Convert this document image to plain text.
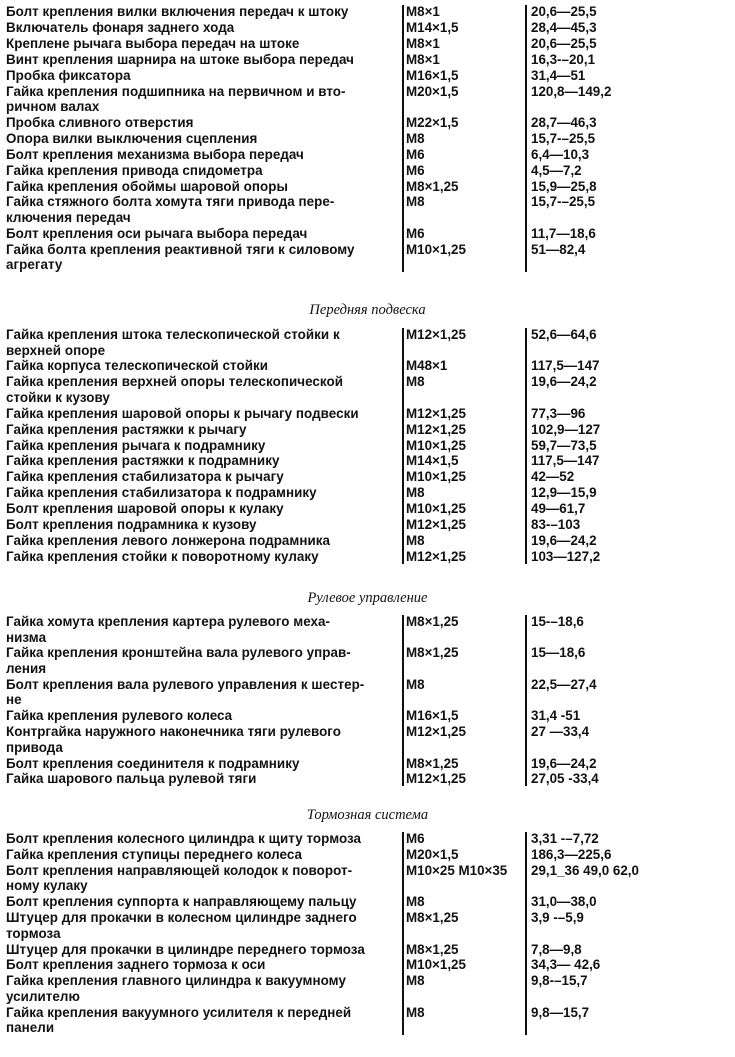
Болт крепления вилки включения передач к штоку	М8×1	20,6—25,5
Включатель фонаря заднего хода	М14×1,5	28,4—45,3
Креплене рычага выбора передач на штоке	М8×1	20,6—25,5
Винт крепления шарнира на штоке выбора передач	М8×1	16,3-–20,1
Пробка фиксатора	М16×1,5	31,4—51
Гайка крепления подшипника на первичном и вто-
ричном валах
М20×1,5	120,8—149,2
Пробка сливного отверстия	М22×1,5	28,7—46,3
Опора вилки выключения сцепления	М8	15,7-–25,5
Болт крепления механизма выбора передач	М6	6,4—10,3
Гайка крепления привода спидометра	М6	4,5—7,2
Гайка крепления обоймы шаровой опоры	М8×1,25	15,9—25,8
Гайка стяжного болта хомута тяги привода пере-
ключения передач
М8	15,7-–25,5
Болт крепления оси рычага выбора передач	М6	11,7—18,6
Гайка болта крепления реактивной тяги к силовому
агрегату
М10×1,25	51—82,4
Передняя подвеска
Гайка крепления штока телескопической стойки к
верхней опоре
М12×1,25	52,6—64,6
Гайка корпуса телескопической стойки	М48×1	117,5—147
Гайка крепления верхней опоры телескопической
стойки к кузову
М8	19,6—24,2
Гайка крепления шаровой опоры к рычагу подвески	М12×1,25	77,3—96
Гайка крепления растяжки к рычагу	М12×1,25	102,9—127
Гайка крепления рычага к подрамнику	М10×1,25	59,7—73,5
Гайка крепления растяжки к подрамнику	М14×1,5	117,5—147
Гайка крепления стабилизатора к рычагу	М10×1,25	42—52
Гайка крепления стабилизатора к подрамнику	М8	12,9—15,9
Болт крепления шаровой опоры к кулаку	М10×1,25	49—61,7
Болт крепления подрамника к кузову	М12×1,25	83-–103
Гайка крепления левого лонжерона подрамника	М8	19,6—24,2
Гайка крепления стойки к поворотному кулаку	М12×1,25	103—127,2
Рулевое управление
Гайка хомута крепления картера рулевого меха-
низма
М8×1,25	15-–18,6
Гайка крепления кронштейна вала рулевого управ-
ления
М8×1,25	15—18,6
Болт крепления вала рулевого управления к шестер-
не
М8	22,5—27,4
Гайка крепления рулевого колеса	М16×1,5	31,4 -51
Контргайка наружного наконечника тяги рулевого
привода
М12×1,25	27 —33,4
Болт крепления соединителя к подрамнику	М8×1,25	19,6—24,2
Гайка шарового пальца рулевой тяги	М12×1,25	27,05 -33,4
Тормозная система
Болт крепления колесного цилиндра к щиту тормоза	М6	3,31 -–7,72
Гайка крепления ступицы переднего колеса	М20×1,5	186,3—225,6
Болт крепления направляющей колодок к поворот-
ному кулаку
М10×25 М10×35	29,1_36 49,0 62,0
Болт крепления суппорта к направляющему пальцу	М8	31,0—38,0
Штуцер для прокачки в колесном цилиндре заднего
тормоза
М8×1,25	3,9 -–5,9
Штуцер для прокачки в цилиндре переднего тормоза	М8×1,25	7,8—9,8
Болт крепления заднего тормоза к оси	М10×1,25	34,3— 42,6
Гайка крепления главного цилиндра к вакуумному
усилителю
М8	9,8-–15,7
Гайка крепления вакуумного усилителя к передней
панели
М8	9,8—15,7
